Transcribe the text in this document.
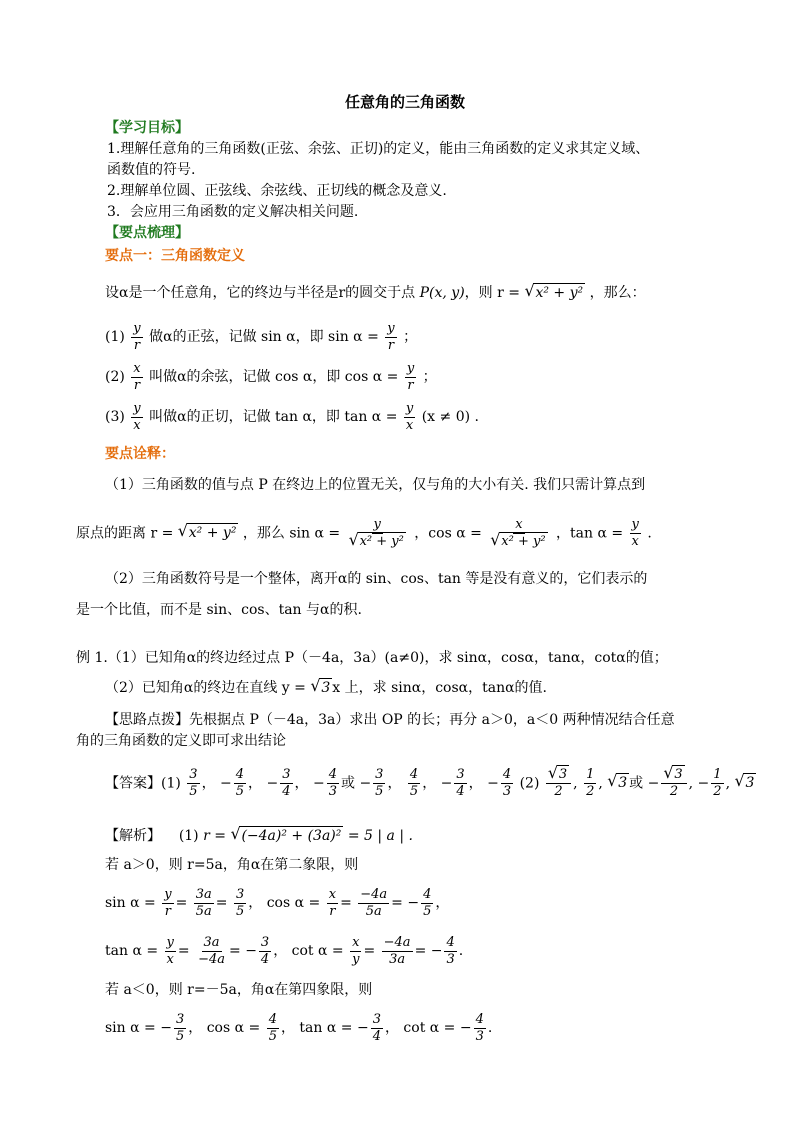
任意角的三角函数
【学习目标】
1.理解任意角的三角函数(正弦、余弦、正切)的定义，能由三角函数的定义求其定义域、
函数值的符号.
2.理解单位圆、正弦线、余弦线、正切线的概念及意义.
3．会应用三角函数的定义解决相关问题.
【要点梳理】
要点一：三角函数定义
设α是一个任意角，它的终边与半径是r的圆交于点 P(x, y)，则 r = √ x² + y² ，那么：
$(1) \frac{y}{r}$ 做α的正弦，记做 sin α，即 $\sin \alpha = \frac{y}{r}$ ；
$(2) \frac{x}{r}$ 叫做α的余弦，记做 cos α，即 $\cos \alpha = \frac{y}{r}$ ；
$(3) \frac{y}{x}$ 叫做α的正切，记做 tan α，即 $\tan \alpha = \frac{y}{x} (x \ne 0)$ .
要点诠释：
（1）三角函数的值与点 P 在终边上的位置无关，仅与角的大小有关. 我们只需计算点到
原点的距离 r = √ x² + y² ，那么 $\sin \alpha = \frac{y}{\text{√ x² + y²}}$ ，$\cos \alpha = \frac{x}{\text{√ x² + y²}}$ ，$\tan \alpha = \frac{y}{x}$ .
（2）三角函数符号是一个整体，离开α的 sin、cos、tan 等是没有意义的，它们表示的
是一个比值，而不是 sin、cos、tan 与α的积.
例 1.（1）已知角α的终边经过点 P（－4a，3a）(a≠0)，求 sinα，cosα，tanα，cotα的值；
（2）已知角α的终边在直线 y = √ 3 x 上，求 sinα，cosα，tanα的值.
【思路点拨】先根据点 P（－4a，3a）求出 OP 的长；再分 a＞0，a＜0 两种情况结合任意
角的三角函数的定义即可求出结论
【答案】$(1) \frac{3}{5}$ ， − $\frac{4}{5}$ ， − $\frac{3}{4}$ ， − $\frac{4}{3}$ 或 − $\frac{3}{5}$ ， $\frac{4}{5}$ ， − $\frac{3}{4}$ ， − $\frac{4}{3} (2) \frac{√ 3}{2}$ , $\frac{1}{2}$ , √ 3 或 − $\frac{√ 3}{2}$ , − $\frac{1}{2}$ , √ 3
【解析】 (1) r = √ (−4a)² + (3a)² = 5 | a | .
若 a＞0，则 r=5a，角α在第二象限，则
$\sin \alpha = \frac{y}{r} = \frac{3a}{5a} = \frac{3}{5}$ ， $\cos \alpha = \frac{x}{r} = \frac{-4a}{5a}$ = − $\frac{4}{5}$ ，
$\tan \alpha = \frac{y}{x} = \frac{3a}{-4a}$ = − $\frac{3}{4}$ ， $\cot \alpha = \frac{x}{y} = \frac{-4a}{3a}$ = − $\frac{4}{3}$ .
若 a＜0，则 r=－5a，角α在第四象限，则
sin α = − $\frac{3}{5}$ ， $\cos \alpha = \frac{4}{5}$ ， tan α = − $\frac{3}{4}$ ， cot α = − $\frac{4}{3}$ .
